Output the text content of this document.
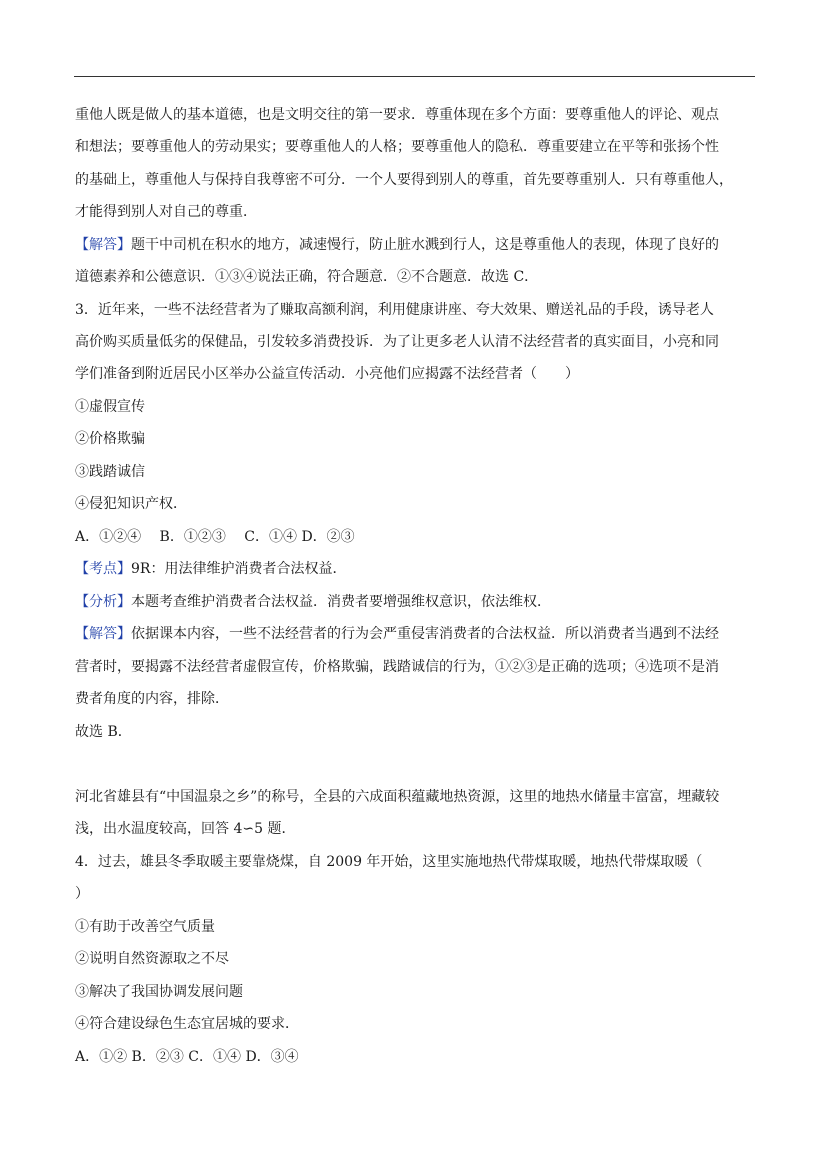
重他人既是做人的基本道德，也是文明交往的第一要求．尊重体现在多个方面：要尊重他人的评论、观点
和想法；要尊重他人的劳动果实；要尊重他人的人格；要尊重他人的隐私．尊重要建立在平等和张扬个性
的基础上，尊重他人与保持自我尊密不可分．一个人要得到别人的尊重，首先要尊重别人．只有尊重他人，
才能得到别人对自己的尊重．
【解答】题干中司机在积水的地方，减速慢行，防止脏水溅到行人，这是尊重他人的表现，体现了良好的
道德素养和公德意识．①③④说法正确，符合题意．②不合题意．故选 C．
3．近年来，一些不法经营者为了赚取高额利润，利用健康讲座、夸大效果、赠送礼品的手段，诱导老人
高价购买质量低劣的保健品，引发较多消费投诉．为了让更多老人认清不法经营者的真实面目，小亮和同
学们准备到附近居民小区举办公益宣传活动．小亮他们应揭露不法经营者（　　）
①虚假宣传
②价格欺骗
③践踏诚信
④侵犯知识产权．
A．①②④　 B．①②③　 C．①④ D．②③
【考点】9R：用法律维护消费者合法权益．
【分析】本题考查维护消费者合法权益．消费者要增强维权意识，依法维权．
【解答】依据课本内容，一些不法经营者的行为会严重侵害消费者的合法权益．所以消费者当遇到不法经
营者时，要揭露不法经营者虚假宣传，价格欺骗，践踏诚信的行为，①②③是正确的选项；④选项不是消
费者角度的内容，排除．
故选 B．
河北省雄县有“中国温泉之乡”的称号，全县的六成面积蕴藏地热资源，这里的地热水储量丰富富，埋藏较
浅，出水温度较高，回答 4∽5 题．
4．过去，雄县冬季取暖主要靠烧煤，自 2009 年开始，这里实施地热代带煤取暖，地热代带煤取暖（
）
①有助于改善空气质量
②说明自然资源取之不尽
③解决了我国协调发展问题
④符合建设绿色生态宜居城的要求．
A．①② B．②③ C．①④ D．③④
